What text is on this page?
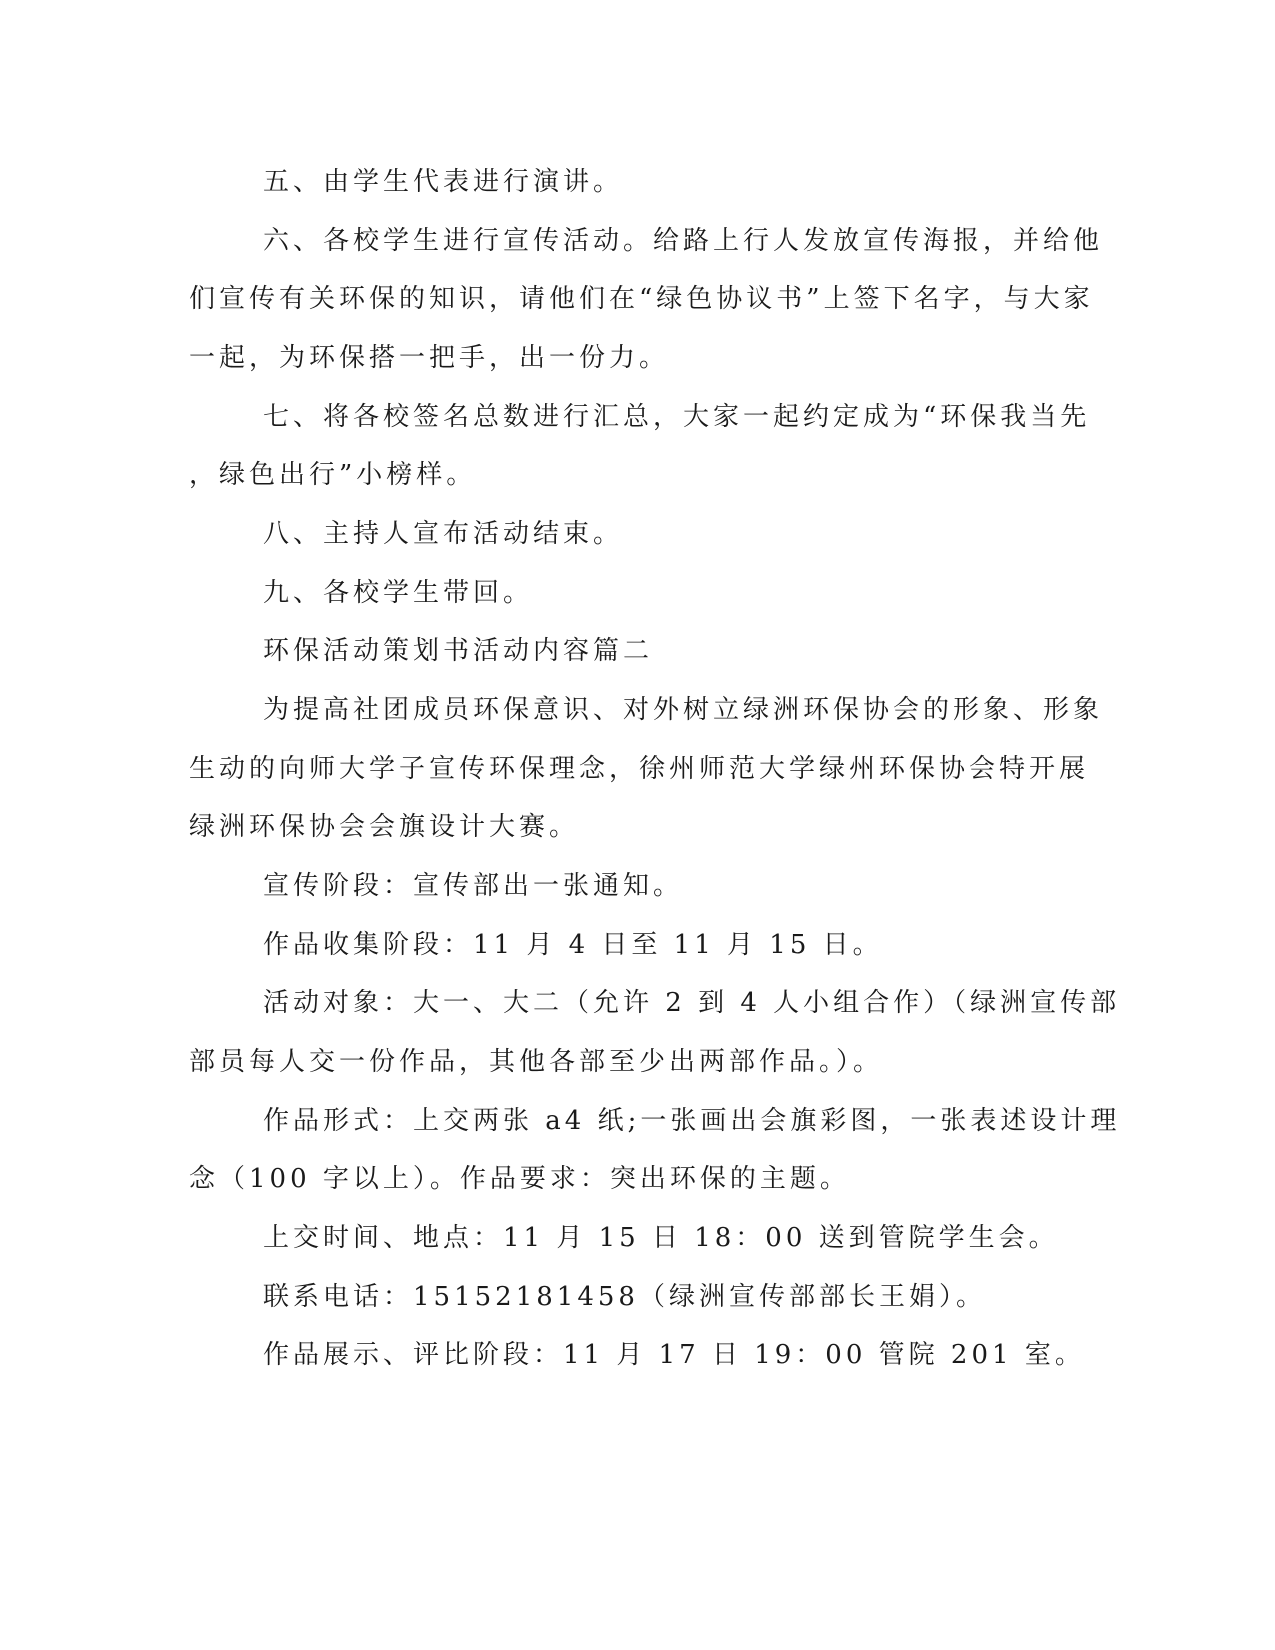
五、由学生代表进行演讲。
六、各校学生进行宣传活动。给路上行人发放宣传海报，并给他
们宣传有关环保的知识，请他们在“绿色协议书”上签下名字，与大家
一起，为环保搭一把手，出一份力。
七、将各校签名总数进行汇总，大家一起约定成为“环保我当先
，绿色出行”小榜样。
八、主持人宣布活动结束。
九、各校学生带回。
环保活动策划书活动内容篇二
为提高社团成员环保意识、对外树立绿洲环保协会的形象、形象
生动的向师大学子宣传环保理念，徐州师范大学绿州环保协会特开展
绿洲环保协会会旗设计大赛。
宣传阶段：宣传部出一张通知。
作品收集阶段：11 月 4 日至 11 月 15 日。
活动对象：大一、大二（允许 2 到 4 人小组合作）（绿洲宣传部
部员每人交一份作品，其他各部至少出两部作品。）。
作品形式：上交两张 a4 纸;一张画出会旗彩图，一张表述设计理
念（100 字以上）。作品要求：突出环保的主题。
上交时间、地点：11 月 15 日 18：00 送到管院学生会。
联系电话：15152181458（绿洲宣传部部长王娟）。
作品展示、评比阶段：11 月 17 日 19：00 管院 201 室。
